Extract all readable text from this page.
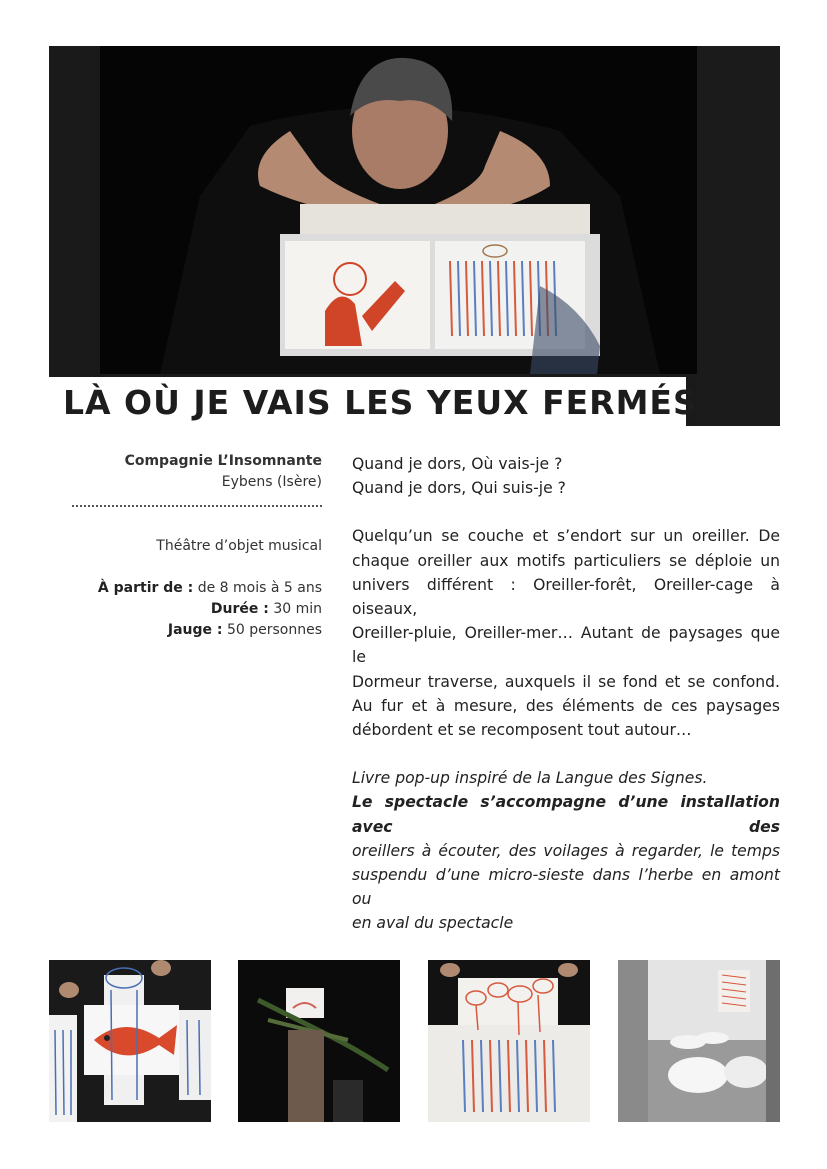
LÀ OÙ JE VAIS LES YEUX FERMÉS
Compagnie L’Insomnante
Eybens (Isère)
Théâtre d’objet musical
À partir de : de 8 mois à 5 ans
Durée : 30 min
Jauge : 50 personnes

Quand je dors, Où vais-je ?

Quand je dors, Qui suis-je ?

Quelqu’un se couche et s’endort sur un oreiller. De

chaque oreiller aux motifs particuliers se déploie un

univers différent : Oreiller-forêt, Oreiller-cage à oiseaux,

Oreiller-pluie, Oreiller-mer… Autant de paysages que le

Dormeur traverse, auxquels il se fond et se confond.

Au fur et à mesure, des éléments de ces paysages

débordent et se recomposent tout autour…

Livre pop-up inspiré de la Langue des Signes.

Le spectacle s’accompagne d’une installation avec des

oreillers à écouter, des voilages à regarder, le temps

suspendu d’une micro-sieste dans l’herbe en amont ou

en aval du spectacle
